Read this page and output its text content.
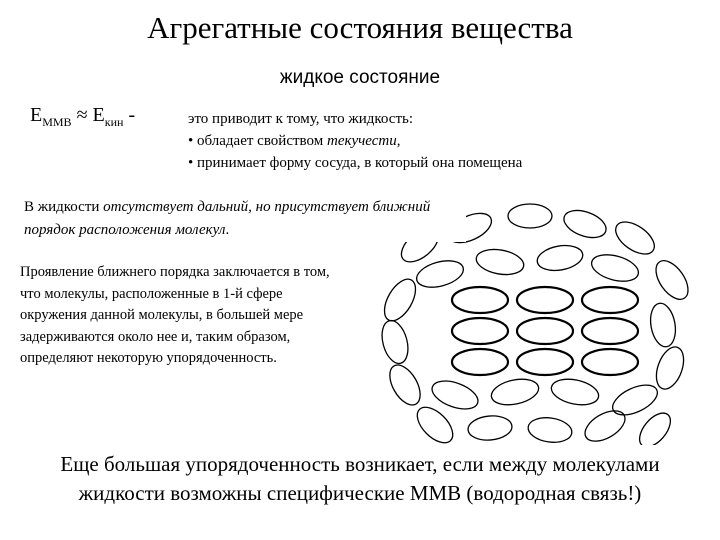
Агрегатные состояния вещества
жидкое состояние
$E_{ММВ} \approx E_{кин}$ -	это приводит к тому, что жидкость:
• обладает свойством текучести,
• принимает форму сосуда, в который она помещена
В жидкости отсутствует дальний, но присутствует ближний порядок расположения молекул.
Проявление ближнего порядка заключается в том, что молекулы, расположенные в 1-й сфере окружения данной молекулы, в большей мере задерживаются около нее и, таким образом, определяют некоторую упорядоченность.
Еще большая упорядоченность возникает, если между молекулами жидкости возможны специфические ММВ (водородная связь!)
